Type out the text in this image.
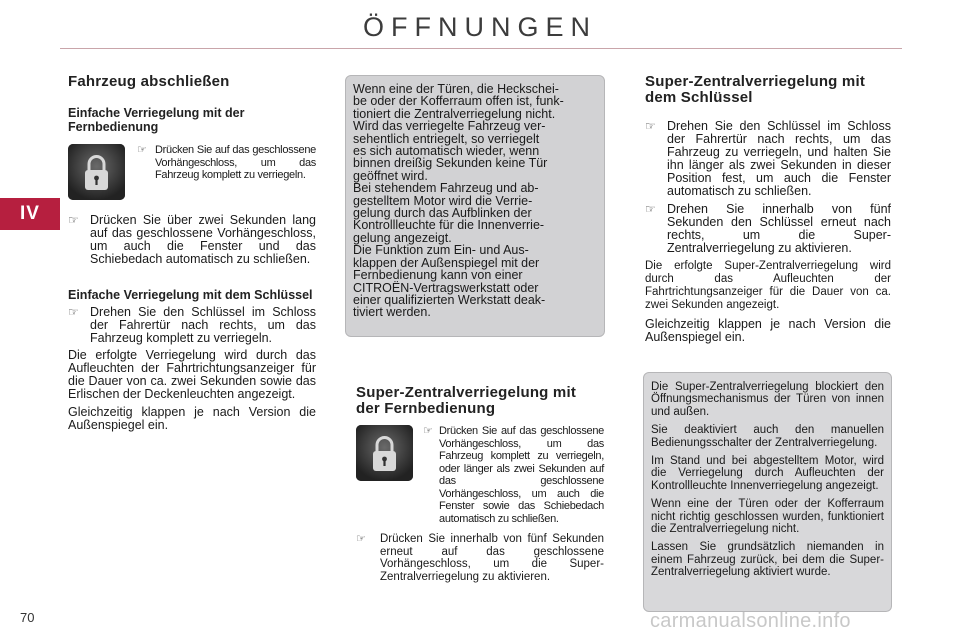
ÖFFNUNGEN
IV
Fahrzeug abschließen
Einfache Verriegelung mit der Fernbedienung
☞ Drücken Sie auf das geschlossene Vorhängeschloss, um das Fahrzeug komplett zu verriegeln.
☞ Drücken Sie über zwei Sekunden lang auf das geschlossene Vorhängeschloss, um auch die Fenster und das Schiebedach automatisch zu schließen.
Einfache Verriegelung mit dem Schlüssel
☞ Drehen Sie den Schlüssel im Schloss der Fahrertür nach rechts, um das Fahrzeug komplett zu verriegeln.

Die erfolgte Verriegelung wird durch das Aufleuchten der Fahrtrichtungsanzeiger für die Dauer von ca. zwei Sekunden sowie das Erlischen der Deckenleuchten angezeigt.

Gleichzeitig klappen je nach Version die Außenspiegel ein.

Wenn eine der Türen, die Heckschei-

be oder der Kofferraum offen ist, funk-

tioniert die Zentralverriegelung nicht.

Wird das verriegelte Fahrzeug ver-

sehentlich entriegelt, so verriegelt

es sich automatisch wieder, wenn

binnen dreißig Sekunden keine Tür

geöffnet wird.

Bei stehendem Fahrzeug und ab-

gestelltem Motor wird die Verrie-

gelung durch das Aufblinken der

Kontrollleuchte für die Innenverrie-

gelung angezeigt.

Die Funktion zum Ein- und Aus-

klappen der Außenspiegel mit der

Fernbedienung kann von einer

CITROËN-Vertragswerkstatt oder

einer qualifizierten Werkstatt deak-

tiviert werden.

Super-Zentralverriegelung mit der Fernbedienung
☞ Drücken Sie auf das geschlossene Vorhängeschloss, um das Fahrzeug komplett zu verriegeln, oder länger als zwei Sekunden auf das geschlossene Vorhängeschloss, um auch die Fenster sowie das Schiebedach automatisch zu schließen.
☞	Drücken Sie innerhalb von fünf Sekunden erneut auf das geschlossene Vorhängeschloss, um die Super-Zentralverriegelung zu aktivieren.
Super-Zentralverriegelung mit dem Schlüssel
☞ Drehen Sie den Schlüssel im Schloss der Fahrertür nach rechts, um das Fahrzeug zu verriegeln, und halten Sie ihn länger als zwei Sekunden in dieser Position fest, um auch die Fenster automatisch zu schließen.
☞ Drehen Sie innerhalb von fünf Sekunden den Schlüssel erneut nach rechts, um die Super-Zentralverriegelung zu aktivieren.

Die erfolgte Super-Zentralverriegelung wird durch das Aufleuchten der Fahrtrichtungsanzeiger für die Dauer von ca. zwei Sekunden angezeigt.

Gleichzeitig klappen je nach Version die Außenspiegel ein.

Die Super-Zentralverriegelung blockiert den Öffnungsmechanismus der Türen von innen und außen.

Sie deaktiviert auch den manuellen Bedienungsschalter der Zentralverriegelung.

Im Stand und bei abgestelltem Motor, wird die Verriegelung durch Aufleuchten der Kontrollleuchte Innenverriegelung angezeigt.

Wenn eine der Türen oder der Kofferraum nicht richtig geschlossen wurden, funktioniert die Zentralverriegelung nicht.

Lassen Sie grundsätzlich niemanden in einem Fahrzeug zurück, bei dem die Super-Zentralverriegelung aktiviert wurde.

70	carmanualsonline.info
